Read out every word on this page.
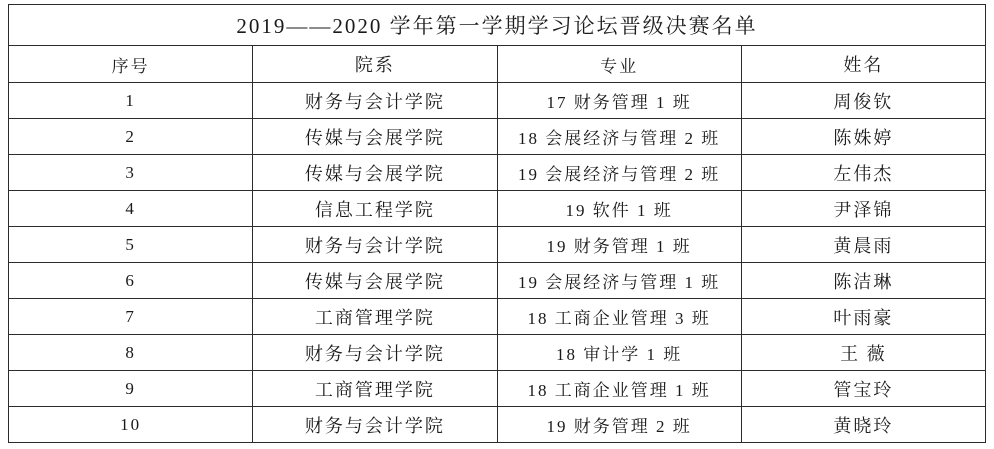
2019——2020 学年第一学期学习论坛晋级决赛名单			
序号	院系	专业	姓名
1	财务与会计学院	17 财务管理 1 班	周俊钦
2	传媒与会展学院	18 会展经济与管理 2 班	陈姝婷
3	传媒与会展学院	19 会展经济与管理 2 班	左伟杰
4	信息工程学院	19 软件 1 班	尹泽锦
5	财务与会计学院	19 财务管理 1 班	黄晨雨
6	传媒与会展学院	19 会展经济与管理 1 班	陈洁琳
7	工商管理学院	18 工商企业管理 3 班	叶雨豪
8	财务与会计学院	18 审计学 1 班	王 薇
9	工商管理学院	18 工商企业管理 1 班	管宝玲
10	财务与会计学院	19 财务管理 2 班	黄晓玲
